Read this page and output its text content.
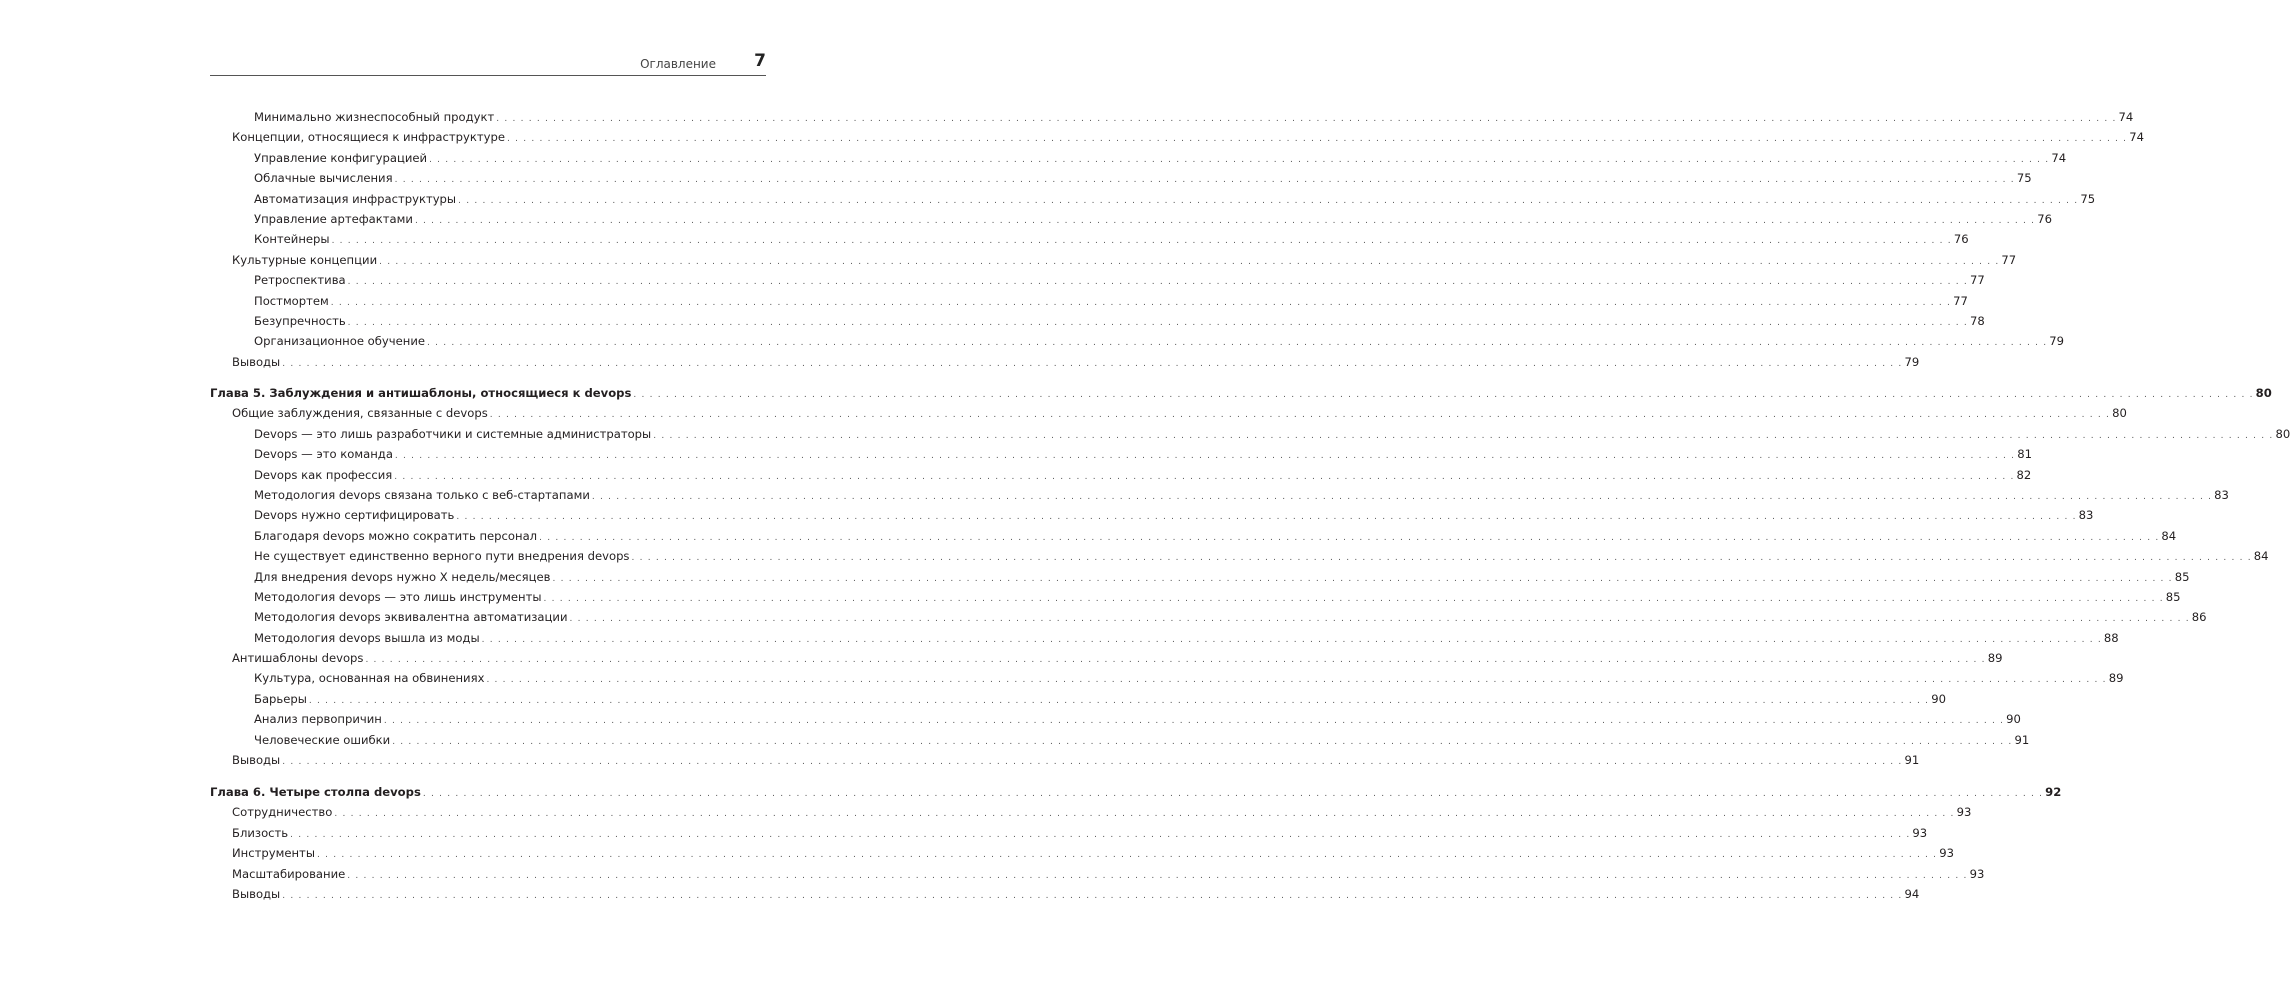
Оглавление 7
Минимально жизнеспособный продукт . . . . . . . . . . . . . . . . . . . . . . . . . . . . . . . . . . . . . . . . . . . . . . . . . . . . . . . . . . . . . . . . . . . . . . . . . . . . . . . . . . . . . . . . . . . . . . . . . . . . . . . . . . . . . . . . . . . . . . . . . . . . . . . . . . . . . . . . . . . . . . . . . . . . . . . . . . . . . . . . . . . . . . . . . . . . . . . . . . . . . . . . . . . . . . . . . . . . . . . . 74
Концепции, относящиеся к инфраструктуре . . . . . . . . . . . . . . . . . . . . . . . . . . . . . . . . . . . . . . . . . . . . . . . . . . . . . . . . . . . . . . . . . . . . . . . . . . . . . . . . . . . . . . . . . . . . . . . . . . . . . . . . . . . . . . . . . . . . . . . . . . . . . . . . . . . . . . . . . . . . . . . . . . . . . . . . . . . . . . . . . . . . . . . . . . . . . . . . . . . . . . . . . . . . . . . . . . . . . . . . 74
Управление конфигурацией . . . . . . . . . . . . . . . . . . . . . . . . . . . . . . . . . . . . . . . . . . . . . . . . . . . . . . . . . . . . . . . . . . . . . . . . . . . . . . . . . . . . . . . . . . . . . . . . . . . . . . . . . . . . . . . . . . . . . . . . . . . . . . . . . . . . . . . . . . . . . . . . . . . . . . . . . . . . . . . . . . . . . . . . . . . . . . . . . . . . . . . . . . . . . . . . . . . . . . . . 74
Облачные вычисления . . . . . . . . . . . . . . . . . . . . . . . . . . . . . . . . . . . . . . . . . . . . . . . . . . . . . . . . . . . . . . . . . . . . . . . . . . . . . . . . . . . . . . . . . . . . . . . . . . . . . . . . . . . . . . . . . . . . . . . . . . . . . . . . . . . . . . . . . . . . . . . . . . . . . . . . . . . . . . . . . . . . . . . . . . . . . . . . . . . . . . . . . . . . . . . . . . . . . . . . 75
Автоматизация инфраструктуры . . . . . . . . . . . . . . . . . . . . . . . . . . . . . . . . . . . . . . . . . . . . . . . . . . . . . . . . . . . . . . . . . . . . . . . . . . . . . . . . . . . . . . . . . . . . . . . . . . . . . . . . . . . . . . . . . . . . . . . . . . . . . . . . . . . . . . . . . . . . . . . . . . . . . . . . . . . . . . . . . . . . . . . . . . . . . . . . . . . . . . . . . . . . . . . . . . . . . . . . 75
Управление артефактами . . . . . . . . . . . . . . . . . . . . . . . . . . . . . . . . . . . . . . . . . . . . . . . . . . . . . . . . . . . . . . . . . . . . . . . . . . . . . . . . . . . . . . . . . . . . . . . . . . . . . . . . . . . . . . . . . . . . . . . . . . . . . . . . . . . . . . . . . . . . . . . . . . . . . . . . . . . . . . . . . . . . . . . . . . . . . . . . . . . . . . . . . . . . . . . . . . . . . . . . 76
Контейнеры . . . . . . . . . . . . . . . . . . . . . . . . . . . . . . . . . . . . . . . . . . . . . . . . . . . . . . . . . . . . . . . . . . . . . . . . . . . . . . . . . . . . . . . . . . . . . . . . . . . . . . . . . . . . . . . . . . . . . . . . . . . . . . . . . . . . . . . . . . . . . . . . . . . . . . . . . . . . . . . . . . . . . . . . . . . . . . . . . . . . . . . . . . . . . . . . . . . . . . . . 76
Культурные концепции . . . . . . . . . . . . . . . . . . . . . . . . . . . . . . . . . . . . . . . . . . . . . . . . . . . . . . . . . . . . . . . . . . . . . . . . . . . . . . . . . . . . . . . . . . . . . . . . . . . . . . . . . . . . . . . . . . . . . . . . . . . . . . . . . . . . . . . . . . . . . . . . . . . . . . . . . . . . . . . . . . . . . . . . . . . . . . . . . . . . . . . . . . . . . . . . . . . . . . . . 77
Ретроспектива . . . . . . . . . . . . . . . . . . . . . . . . . . . . . . . . . . . . . . . . . . . . . . . . . . . . . . . . . . . . . . . . . . . . . . . . . . . . . . . . . . . . . . . . . . . . . . . . . . . . . . . . . . . . . . . . . . . . . . . . . . . . . . . . . . . . . . . . . . . . . . . . . . . . . . . . . . . . . . . . . . . . . . . . . . . . . . . . . . . . . . . . . . . . . . . . . . . . . . . . 77
Постмортем . . . . . . . . . . . . . . . . . . . . . . . . . . . . . . . . . . . . . . . . . . . . . . . . . . . . . . . . . . . . . . . . . . . . . . . . . . . . . . . . . . . . . . . . . . . . . . . . . . . . . . . . . . . . . . . . . . . . . . . . . . . . . . . . . . . . . . . . . . . . . . . . . . . . . . . . . . . . . . . . . . . . . . . . . . . . . . . . . . . . . . . . . . . . . . . . . . . . . . . . 77
Безупречность . . . . . . . . . . . . . . . . . . . . . . . . . . . . . . . . . . . . . . . . . . . . . . . . . . . . . . . . . . . . . . . . . . . . . . . . . . . . . . . . . . . . . . . . . . . . . . . . . . . . . . . . . . . . . . . . . . . . . . . . . . . . . . . . . . . . . . . . . . . . . . . . . . . . . . . . . . . . . . . . . . . . . . . . . . . . . . . . . . . . . . . . . . . . . . . . . . . . . . . . 78
Организационное обучение . . . . . . . . . . . . . . . . . . . . . . . . . . . . . . . . . . . . . . . . . . . . . . . . . . . . . . . . . . . . . . . . . . . . . . . . . . . . . . . . . . . . . . . . . . . . . . . . . . . . . . . . . . . . . . . . . . . . . . . . . . . . . . . . . . . . . . . . . . . . . . . . . . . . . . . . . . . . . . . . . . . . . . . . . . . . . . . . . . . . . . . . . . . . . . . . . . . . . . . . 79
Выводы . . . . . . . . . . . . . . . . . . . . . . . . . . . . . . . . . . . . . . . . . . . . . . . . . . . . . . . . . . . . . . . . . . . . . . . . . . . . . . . . . . . . . . . . . . . . . . . . . . . . . . . . . . . . . . . . . . . . . . . . . . . . . . . . . . . . . . . . . . . . . . . . . . . . . . . . . . . . . . . . . . . . . . . . . . . . . . . . . . . . . . . . . . . . . . . . . . . . . . . . 79
Глава 5. Заблуждения и антишаблоны, относящиеся к devops . . . . . . . . . . . . . . . . . . . . . . . . . . . . . . . . . . . . . . . . . . . . . . . . . . . . . . . . . . . . . . . . . . . . . . . . . . . . . . . . . . . . . . . . . . . . . . . . . . . . . . . . . . . . . . . . . . . . . . . . . . . . . . . . . . . . . . . . . . . . . . . . . . . . . . . . . . . . . . . . . . . . . . . . . . . . . . . . . . . . . . . . . . . . . . . . . . . . . . . . 80
Общие заблуждения, связанные с devops . . . . . . . . . . . . . . . . . . . . . . . . . . . . . . . . . . . . . . . . . . . . . . . . . . . . . . . . . . . . . . . . . . . . . . . . . . . . . . . . . . . . . . . . . . . . . . . . . . . . . . . . . . . . . . . . . . . . . . . . . . . . . . . . . . . . . . . . . . . . . . . . . . . . . . . . . . . . . . . . . . . . . . . . . . . . . . . . . . . . . . . . . . . . . . . . . . . . . . . . 80
Devops — это лишь разработчики и системные администраторы . . . . . . . . . . . . . . . . . . . . . . . . . . . . . . . . . . . . . . . . . . . . . . . . . . . . . . . . . . . . . . . . . . . . . . . . . . . . . . . . . . . . . . . . . . . . . . . . . . . . . . . . . . . . . . . . . . . . . . . . . . . . . . . . . . . . . . . . . . . . . . . . . . . . . . . . . . . . . . . . . . . . . . . . . . . . . . . . . . . . . . . . . . . . . . . . . . . . . . . . 80
Devops — это команда . . . . . . . . . . . . . . . . . . . . . . . . . . . . . . . . . . . . . . . . . . . . . . . . . . . . . . . . . . . . . . . . . . . . . . . . . . . . . . . . . . . . . . . . . . . . . . . . . . . . . . . . . . . . . . . . . . . . . . . . . . . . . . . . . . . . . . . . . . . . . . . . . . . . . . . . . . . . . . . . . . . . . . . . . . . . . . . . . . . . . . . . . . . . . . . . . . . . . . . . 81
Devops как профессия . . . . . . . . . . . . . . . . . . . . . . . . . . . . . . . . . . . . . . . . . . . . . . . . . . . . . . . . . . . . . . . . . . . . . . . . . . . . . . . . . . . . . . . . . . . . . . . . . . . . . . . . . . . . . . . . . . . . . . . . . . . . . . . . . . . . . . . . . . . . . . . . . . . . . . . . . . . . . . . . . . . . . . . . . . . . . . . . . . . . . . . . . . . . . . . . . . . . . . . . 82
Методология devops связана только с веб-стартапами . . . . . . . . . . . . . . . . . . . . . . . . . . . . . . . . . . . . . . . . . . . . . . . . . . . . . . . . . . . . . . . . . . . . . . . . . . . . . . . . . . . . . . . . . . . . . . . . . . . . . . . . . . . . . . . . . . . . . . . . . . . . . . . . . . . . . . . . . . . . . . . . . . . . . . . . . . . . . . . . . . . . . . . . . . . . . . . . . . . . . . . . . . . . . . . . . . . . . . . . 83
Devops нужно сертифицировать . . . . . . . . . . . . . . . . . . . . . . . . . . . . . . . . . . . . . . . . . . . . . . . . . . . . . . . . . . . . . . . . . . . . . . . . . . . . . . . . . . . . . . . . . . . . . . . . . . . . . . . . . . . . . . . . . . . . . . . . . . . . . . . . . . . . . . . . . . . . . . . . . . . . . . . . . . . . . . . . . . . . . . . . . . . . . . . . . . . . . . . . . . . . . . . . . . . . . . . . 83
Благодаря devops можно сократить персонал . . . . . . . . . . . . . . . . . . . . . . . . . . . . . . . . . . . . . . . . . . . . . . . . . . . . . . . . . . . . . . . . . . . . . . . . . . . . . . . . . . . . . . . . . . . . . . . . . . . . . . . . . . . . . . . . . . . . . . . . . . . . . . . . . . . . . . . . . . . . . . . . . . . . . . . . . . . . . . . . . . . . . . . . . . . . . . . . . . . . . . . . . . . . . . . . . . . . . . . . 84
Не существует единственно верного пути внедрения devops . . . . . . . . . . . . . . . . . . . . . . . . . . . . . . . . . . . . . . . . . . . . . . . . . . . . . . . . . . . . . . . . . . . . . . . . . . . . . . . . . . . . . . . . . . . . . . . . . . . . . . . . . . . . . . . . . . . . . . . . . . . . . . . . . . . . . . . . . . . . . . . . . . . . . . . . . . . . . . . . . . . . . . . . . . . . . . . . . . . . . . . . . . . . . . . . . . . . . . . . 84
Для внедрения devops нужно X недель/месяцев . . . . . . . . . . . . . . . . . . . . . . . . . . . . . . . . . . . . . . . . . . . . . . . . . . . . . . . . . . . . . . . . . . . . . . . . . . . . . . . . . . . . . . . . . . . . . . . . . . . . . . . . . . . . . . . . . . . . . . . . . . . . . . . . . . . . . . . . . . . . . . . . . . . . . . . . . . . . . . . . . . . . . . . . . . . . . . . . . . . . . . . . . . . . . . . . . . . . . . . . 85
Методология devops — это лишь инструменты . . . . . . . . . . . . . . . . . . . . . . . . . . . . . . . . . . . . . . . . . . . . . . . . . . . . . . . . . . . . . . . . . . . . . . . . . . . . . . . . . . . . . . . . . . . . . . . . . . . . . . . . . . . . . . . . . . . . . . . . . . . . . . . . . . . . . . . . . . . . . . . . . . . . . . . . . . . . . . . . . . . . . . . . . . . . . . . . . . . . . . . . . . . . . . . . . . . . . . . . 85
Методология devops эквивалентна автоматизации . . . . . . . . . . . . . . . . . . . . . . . . . . . . . . . . . . . . . . . . . . . . . . . . . . . . . . . . . . . . . . . . . . . . . . . . . . . . . . . . . . . . . . . . . . . . . . . . . . . . . . . . . . . . . . . . . . . . . . . . . . . . . . . . . . . . . . . . . . . . . . . . . . . . . . . . . . . . . . . . . . . . . . . . . . . . . . . . . . . . . . . . . . . . . . . . . . . . . . . . 86
Методология devops вышла из моды . . . . . . . . . . . . . . . . . . . . . . . . . . . . . . . . . . . . . . . . . . . . . . . . . . . . . . . . . . . . . . . . . . . . . . . . . . . . . . . . . . . . . . . . . . . . . . . . . . . . . . . . . . . . . . . . . . . . . . . . . . . . . . . . . . . . . . . . . . . . . . . . . . . . . . . . . . . . . . . . . . . . . . . . . . . . . . . . . . . . . . . . . . . . . . . . . . . . . . . . 88
Антишаблоны devops . . . . . . . . . . . . . . . . . . . . . . . . . . . . . . . . . . . . . . . . . . . . . . . . . . . . . . . . . . . . . . . . . . . . . . . . . . . . . . . . . . . . . . . . . . . . . . . . . . . . . . . . . . . . . . . . . . . . . . . . . . . . . . . . . . . . . . . . . . . . . . . . . . . . . . . . . . . . . . . . . . . . . . . . . . . . . . . . . . . . . . . . . . . . . . . . . . . . . . . . 89
Культура, основанная на обвинениях . . . . . . . . . . . . . . . . . . . . . . . . . . . . . . . . . . . . . . . . . . . . . . . . . . . . . . . . . . . . . . . . . . . . . . . . . . . . . . . . . . . . . . . . . . . . . . . . . . . . . . . . . . . . . . . . . . . . . . . . . . . . . . . . . . . . . . . . . . . . . . . . . . . . . . . . . . . . . . . . . . . . . . . . . . . . . . . . . . . . . . . . . . . . . . . . . . . . . . . . 89
Барьеры . . . . . . . . . . . . . . . . . . . . . . . . . . . . . . . . . . . . . . . . . . . . . . . . . . . . . . . . . . . . . . . . . . . . . . . . . . . . . . . . . . . . . . . . . . . . . . . . . . . . . . . . . . . . . . . . . . . . . . . . . . . . . . . . . . . . . . . . . . . . . . . . . . . . . . . . . . . . . . . . . . . . . . . . . . . . . . . . . . . . . . . . . . . . . . . . . . . . . . . . 90
Анализ первопричин . . . . . . . . . . . . . . . . . . . . . . . . . . . . . . . . . . . . . . . . . . . . . . . . . . . . . . . . . . . . . . . . . . . . . . . . . . . . . . . . . . . . . . . . . . . . . . . . . . . . . . . . . . . . . . . . . . . . . . . . . . . . . . . . . . . . . . . . . . . . . . . . . . . . . . . . . . . . . . . . . . . . . . . . . . . . . . . . . . . . . . . . . . . . . . . . . . . . . . . . 90
Человеческие ошибки . . . . . . . . . . . . . . . . . . . . . . . . . . . . . . . . . . . . . . . . . . . . . . . . . . . . . . . . . . . . . . . . . . . . . . . . . . . . . . . . . . . . . . . . . . . . . . . . . . . . . . . . . . . . . . . . . . . . . . . . . . . . . . . . . . . . . . . . . . . . . . . . . . . . . . . . . . . . . . . . . . . . . . . . . . . . . . . . . . . . . . . . . . . . . . . . . . . . . . . . 91
Выводы . . . . . . . . . . . . . . . . . . . . . . . . . . . . . . . . . . . . . . . . . . . . . . . . . . . . . . . . . . . . . . . . . . . . . . . . . . . . . . . . . . . . . . . . . . . . . . . . . . . . . . . . . . . . . . . . . . . . . . . . . . . . . . . . . . . . . . . . . . . . . . . . . . . . . . . . . . . . . . . . . . . . . . . . . . . . . . . . . . . . . . . . . . . . . . . . . . . . . . . . 91
Глава 6. Четыре столпа devops . . . . . . . . . . . . . . . . . . . . . . . . . . . . . . . . . . . . . . . . . . . . . . . . . . . . . . . . . . . . . . . . . . . . . . . . . . . . . . . . . . . . . . . . . . . . . . . . . . . . . . . . . . . . . . . . . . . . . . . . . . . . . . . . . . . . . . . . . . . . . . . . . . . . . . . . . . . . . . . . . . . . . . . . . . . . . . . . . . . . . . . . . . . . . . . . . . . . . . . . 92
Сотрудничество . . . . . . . . . . . . . . . . . . . . . . . . . . . . . . . . . . . . . . . . . . . . . . . . . . . . . . . . . . . . . . . . . . . . . . . . . . . . . . . . . . . . . . . . . . . . . . . . . . . . . . . . . . . . . . . . . . . . . . . . . . . . . . . . . . . . . . . . . . . . . . . . . . . . . . . . . . . . . . . . . . . . . . . . . . . . . . . . . . . . . . . . . . . . . . . . . . . . . . . . 93
Близость . . . . . . . . . . . . . . . . . . . . . . . . . . . . . . . . . . . . . . . . . . . . . . . . . . . . . . . . . . . . . . . . . . . . . . . . . . . . . . . . . . . . . . . . . . . . . . . . . . . . . . . . . . . . . . . . . . . . . . . . . . . . . . . . . . . . . . . . . . . . . . . . . . . . . . . . . . . . . . . . . . . . . . . . . . . . . . . . . . . . . . . . . . . . . . . . . . . . . . . . 93
Инструменты . . . . . . . . . . . . . . . . . . . . . . . . . . . . . . . . . . . . . . . . . . . . . . . . . . . . . . . . . . . . . . . . . . . . . . . . . . . . . . . . . . . . . . . . . . . . . . . . . . . . . . . . . . . . . . . . . . . . . . . . . . . . . . . . . . . . . . . . . . . . . . . . . . . . . . . . . . . . . . . . . . . . . . . . . . . . . . . . . . . . . . . . . . . . . . . . . . . . . . . . 93
Масштабирование . . . . . . . . . . . . . . . . . . . . . . . . . . . . . . . . . . . . . . . . . . . . . . . . . . . . . . . . . . . . . . . . . . . . . . . . . . . . . . . . . . . . . . . . . . . . . . . . . . . . . . . . . . . . . . . . . . . . . . . . . . . . . . . . . . . . . . . . . . . . . . . . . . . . . . . . . . . . . . . . . . . . . . . . . . . . . . . . . . . . . . . . . . . . . . . . . . . . . . . . 93
Выводы . . . . . . . . . . . . . . . . . . . . . . . . . . . . . . . . . . . . . . . . . . . . . . . . . . . . . . . . . . . . . . . . . . . . . . . . . . . . . . . . . . . . . . . . . . . . . . . . . . . . . . . . . . . . . . . . . . . . . . . . . . . . . . . . . . . . . . . . . . . . . . . . . . . . . . . . . . . . . . . . . . . . . . . . . . . . . . . . . . . . . . . . . . . . . . . . . . . . . . . . 94
